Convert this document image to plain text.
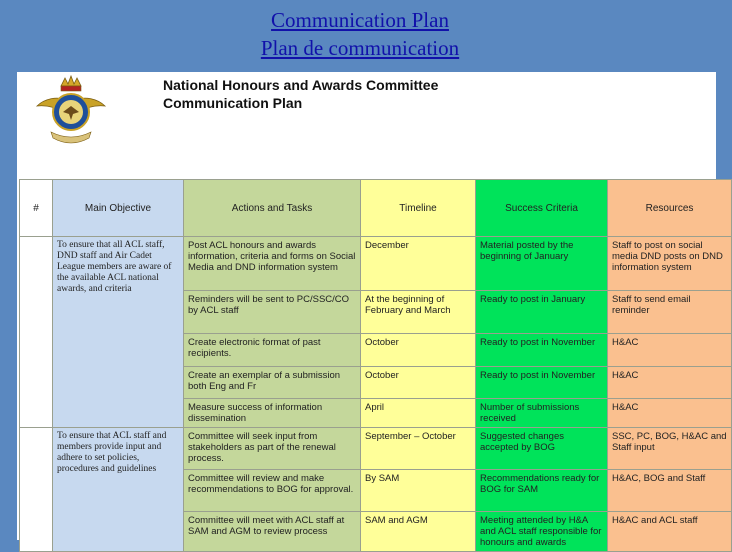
Communication Plan
Plan de communication
National Honours and Awards Committee
Communication Plan
#	Main Objective	Actions and Tasks	Timeline	Success Criteria	Resources
	To ensure that all ACL staff, DND staff and Air Cadet League members are aware of the available ACL national awards, and criteria	Post ACL honours and awards information, criteria and forms on Social Media and DND information system	December	Material posted by the beginning of January	Staff to post on social media DND posts on DND information system
		Reminders will be sent to PC/SSC/CO by ACL staff	At the beginning of February and March	Ready to post in January	Staff to send email reminder
		Create electronic format of past recipients.	October	Ready to post in November	H&AC
		Create an exemplar of a submission both Eng and Fr	October	Ready to post in November	H&AC
		Measure success of information dissemination	April	Number of submissions received	H&AC
	To ensure that ACL staff and members provide input and adhere to set policies, procedures and guidelines	Committee will seek input from stakeholders as part of the renewal process.	September – October	Suggested changes accepted by BOG	SSC, PC, BOG, H&AC and Staff input
		Committee will review and make recommendations to BOG for approval.	By SAM	Recommendations ready for BOG for SAM	H&AC, BOG and Staff
		Committee will meet with ACL staff at SAM and AGM to review process	SAM and AGM	Meeting attended by H&A and ACL staff responsible for honours and awards	H&AC and ACL staff
